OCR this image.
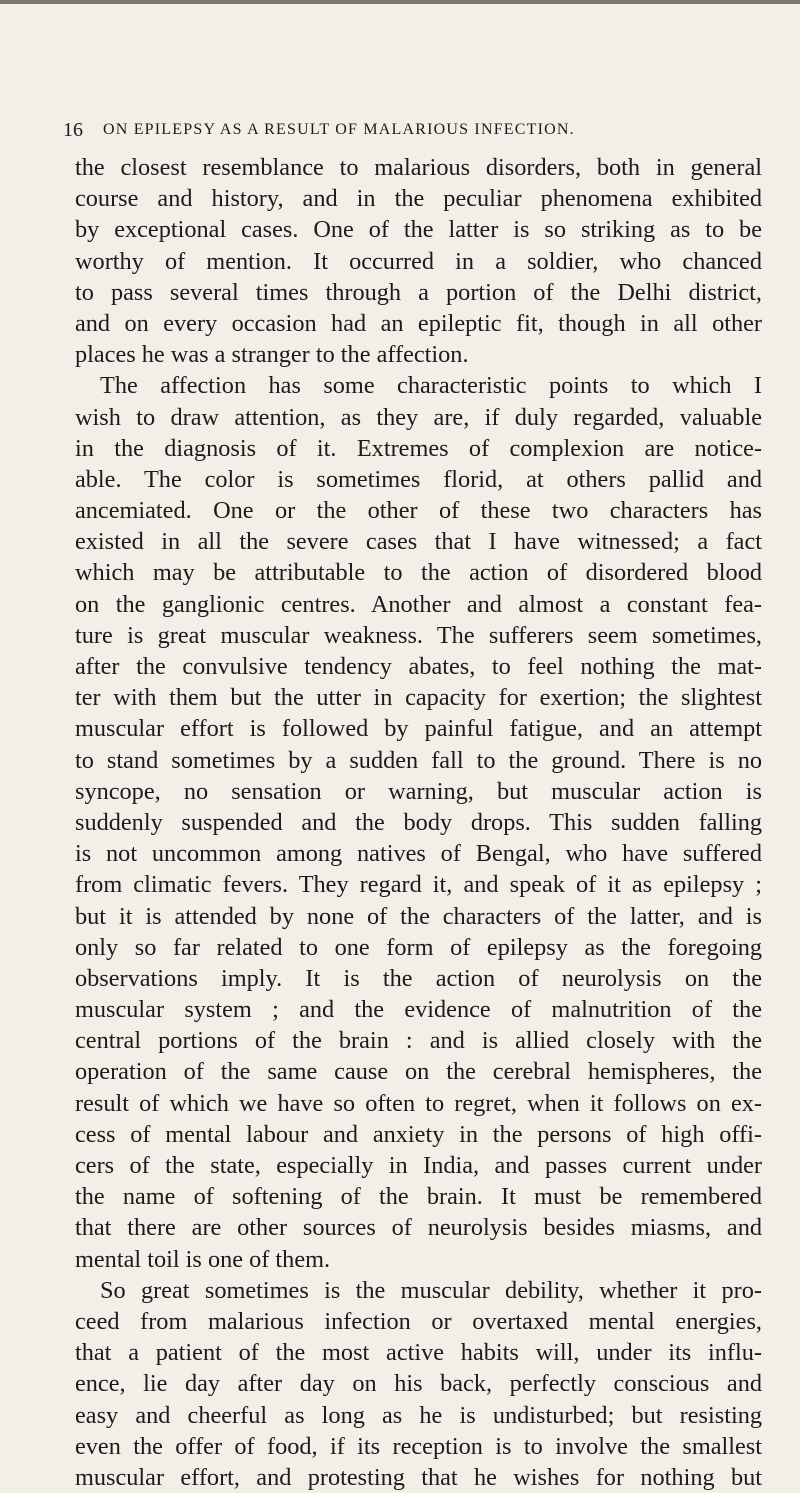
16 ON EPILEPSY AS A RESULT OF MALARIOUS INFECTION.
the closest resemblance to malarious disorders, both in general
course and history, and in the peculiar phenomena exhibited
by exceptional cases. One of the latter is so striking as to be
worthy of mention. It occurred in a soldier, who chanced
to pass several times through a portion of the Delhi district,
and on every occasion had an epileptic fit, though in all other
places he was a stranger to the affection.
The affection has some characteristic points to which I
wish to draw attention, as they are, if duly regarded, valuable
in the diagnosis of it. Extremes of complexion are notice-
able. The color is sometimes florid, at others pallid and
ancemiated. One or the other of these two characters has
existed in all the severe cases that I have witnessed; a fact
which may be attributable to the action of disordered blood
on the ganglionic centres. Another and almost a constant fea-
ture is great muscular weakness. The sufferers seem sometimes,
after the convulsive tendency abates, to feel nothing the mat-
ter with them but the utter in capacity for exertion; the slightest
muscular effort is followed by painful fatigue, and an attempt
to stand sometimes by a sudden fall to the ground. There is no
syncope, no sensation or warning, but muscular action is
suddenly suspended and the body drops. This sudden falling
is not uncommon among natives of Bengal, who have suffered
from climatic fevers. They regard it, and speak of it as epilepsy ;
but it is attended by none of the characters of the latter, and is
only so far related to one form of epilepsy as the foregoing
observations imply. It is the action of neurolysis on the
muscular system ; and the evidence of malnutrition of the
central portions of the brain : and is allied closely with the
operation of the same cause on the cerebral hemispheres, the
result of which we have so often to regret, when it follows on ex-
cess of mental labour and anxiety in the persons of high offi-
cers of the state, especially in India, and passes current under
the name of softening of the brain. It must be remembered
that there are other sources of neurolysis besides miasms, and
mental toil is one of them.
So great sometimes is the muscular debility, whether it pro-
ceed from malarious infection or overtaxed mental energies,
that a patient of the most active habits will, under its influ-
ence, lie day after day on his back, perfectly conscious and
easy and cheerful as long as he is undisturbed; but resisting
even the offer of food, if its reception is to involve the smallest
muscular effort, and protesting that he wishes for nothing but
